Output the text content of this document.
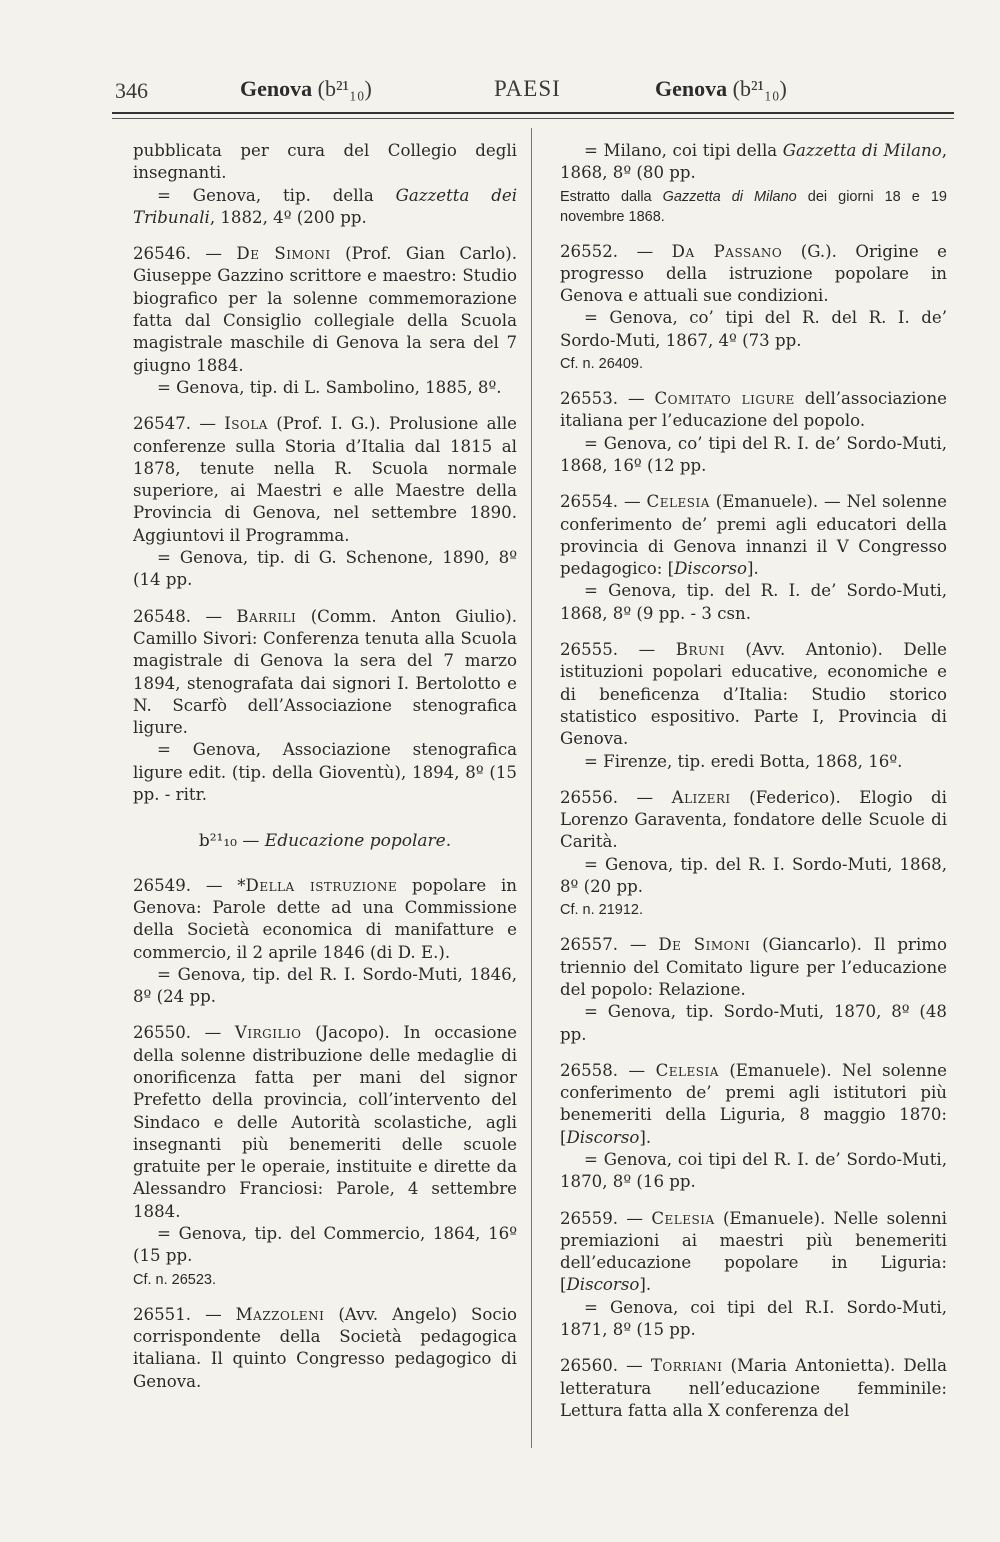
346	Genova (b²¹₁₀)	PAESI	Genova (b²¹₁₀)

pubblicata per cura del Collegio degli insegnanti.

= Genova, tip. della Gazzetta dei Tribunali, 1882, 4º (200 pp.

26546. — De Simoni (Prof. Gian Carlo). Giuseppe Gazzino scrittore e maestro: Studio biografico per la solenne commemorazione fatta dal Consiglio collegiale della Scuola magistrale maschile di Genova la sera del 7 giugno 1884.

= Genova, tip. di L. Sambolino, 1885, 8º.

26547. — Isola (Prof. I. G.). Prolusione alle conferenze sulla Storia d’Italia dal 1815 al 1878, tenute nella R. Scuola normale superiore, ai Maestri e alle Maestre della Provincia di Genova, nel settembre 1890. Aggiuntovi il Programma.

= Genova, tip. di G. Schenone, 1890, 8º (14 pp.

26548. — Barrili (Comm. Anton Giulio). Camillo Sivori: Conferenza tenuta alla Scuola magistrale di Genova la sera del 7 marzo 1894, stenografata dai signori I. Bertolotto e N. Scarfò dell’Associazione stenografica ligure.

= Genova, Associazione stenografica ligure edit. (tip. della Gioventù), 1894, 8º (15 pp. - ritr.

b²¹₁₀ — Educazione popolare.

26549. — *Della istruzione popolare in Genova: Parole dette ad una Commissione della Società economica di manifatture e commercio, il 2 aprile 1846 (di D. E.).

= Genova, tip. del R. I. Sordo-Muti, 1846, 8º (24 pp.

26550. — Virgilio (Jacopo). In occasione della solenne distribuzione delle medaglie di onorificenza fatta per mani del signor Prefetto della provincia, coll’intervento del Sindaco e delle Autorità scolastiche, agli insegnanti più benemeriti delle scuole gratuite per le operaie, instituite e dirette da Alessandro Franciosi: Parole, 4 settembre 1884.

= Genova, tip. del Commercio, 1864, 16º (15 pp.

Cf. n. 26523.

26551. — Mazzoleni (Avv. Angelo) Socio corrispondente della Società pedagogica italiana. Il quinto Congresso pedagogico di Genova.

= Milano, coi tipi della Gazzetta di Milano, 1868, 8º (80 pp.

Estratto dalla Gazzetta di Milano dei giorni 18 e 19 novembre 1868.

26552. — Da Passano (G.). Origine e progresso della istruzione popolare in Genova e attuali sue condizioni.

= Genova, co’ tipi del R. del R. I. de’ Sordo-Muti, 1867, 4º (73 pp.

Cf. n. 26409.

26553. — Comitato ligure dell’associazione italiana per l’educazione del popolo.

= Genova, co’ tipi del R. I. de’ Sordo-Muti, 1868, 16º (12 pp.

26554. — Celesia (Emanuele). — Nel solenne conferimento de’ premi agli educatori della provincia di Genova innanzi il V Congresso pedagogico: [Discorso].

= Genova, tip. del R. I. de’ Sordo-Muti, 1868, 8º (9 pp. - 3 csn.

26555. — Bruni (Avv. Antonio). Delle istituzioni popolari educative, economiche e di beneficenza d’Italia: Studio storico statistico espositivo. Parte I, Provincia di Genova.

= Firenze, tip. eredi Botta, 1868, 16º.

26556. — Alizeri (Federico). Elogio di Lorenzo Garaventa, fondatore delle Scuole di Carità.

= Genova, tip. del R. I. Sordo-Muti, 1868, 8º (20 pp.

Cf. n. 21912.

26557. — De Simoni (Giancarlo). Il primo triennio del Comitato ligure per l’educazione del popolo: Relazione.

= Genova, tip. Sordo-Muti, 1870, 8º (48 pp.

26558. — Celesia (Emanuele). Nel solenne conferimento de’ premi agli istitutori più benemeriti della Liguria, 8 maggio 1870: [Discorso].

= Genova, coi tipi del R. I. de’ Sordo-Muti, 1870, 8º (16 pp.

26559. — Celesia (Emanuele). Nelle solenni premiazioni ai maestri più benemeriti dell’educazione popolare in Liguria: [Discorso].

= Genova, coi tipi del R.I. Sordo-Muti, 1871, 8º (15 pp.

26560. — Torriani (Maria Antonietta). Della letteratura nell’educazione femminile: Lettura fatta alla X conferenza del
